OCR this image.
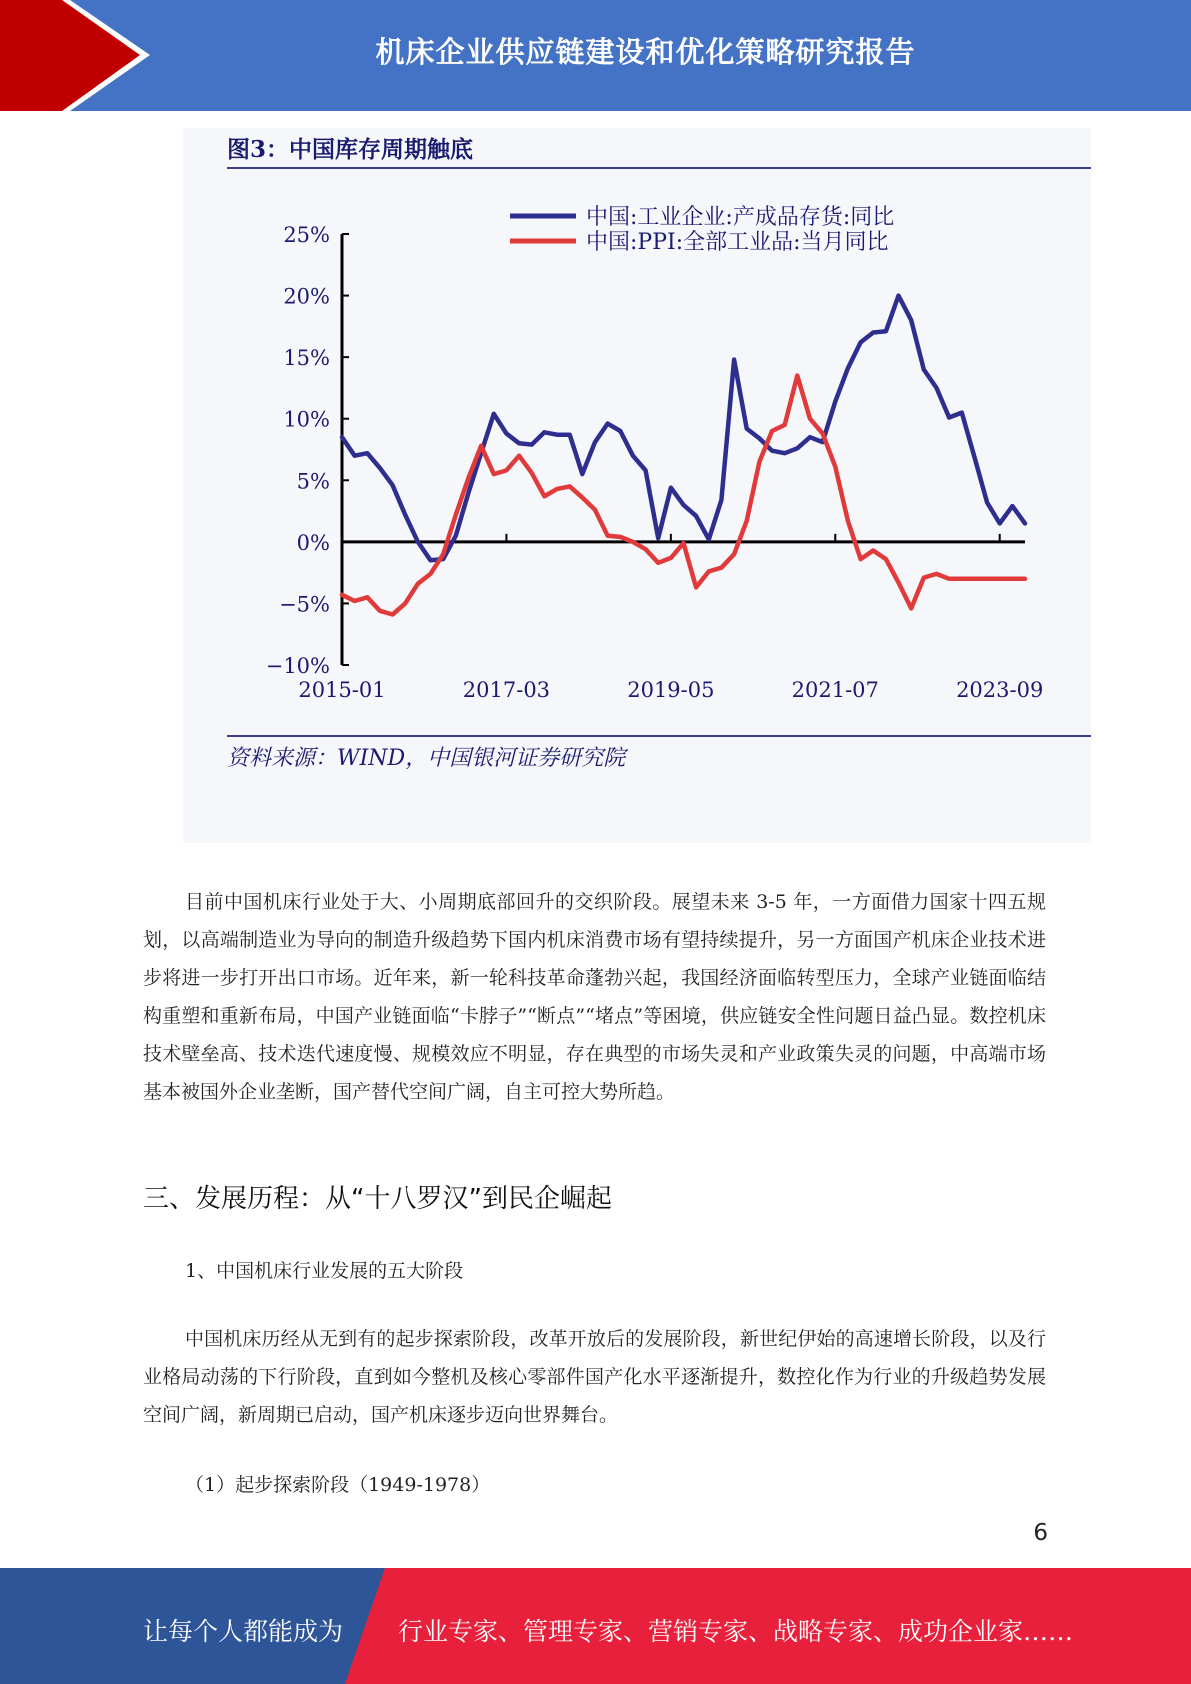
机床企业供应链建设和优化策略研究报告
图3：中国库存周期触底
25%
20%
15%
10%
5%
0%
−5%
−10%
2015-01	2017-03	2019-05	2021-07	2023-09
中国:工业企业:产成品存货:同比
中国:PPI:全部工业品:当月同比
资料来源：WIND，中国银河证券研究院
目前中国机床行业处于大、小周期底部回升的交织阶段。展望未来 3-5 年，一方面借力国家十四五规划，以高端制造业为导向的制造升级趋势下国内机床消费市场有望持续提升，另一方面国产机床企业技术进步将进一步打开出口市场。近年来，新一轮科技革命蓬勃兴起，我国经济面临转型压力，全球产业链面临结构重塑和重新布局，中国产业链面临“卡脖子”“断点”“堵点”等困境，供应链安全性问题日益凸显。数控机床技术壁垒高、技术迭代速度慢、规模效应不明显，存在典型的市场失灵和产业政策失灵的问题，中高端市场基本被国外企业垄断，国产替代空间广阔，自主可控大势所趋。
三、发展历程：从“十八罗汉”到民企崛起
1、中国机床行业发展的五大阶段
中国机床历经从无到有的起步探索阶段，改革开放后的发展阶段，新世纪伊始的高速增长阶段，以及行业格局动荡的下行阶段，直到如今整机及核心零部件国产化水平逐渐提升，数控化作为行业的升级趋势发展空间广阔，新周期已启动，国产机床逐步迈向世界舞台。
（1）起步探索阶段（1949-1978）
6
让每个人都能成为 行业专家、管理专家、营销专家、战略专家、成功企业家……
